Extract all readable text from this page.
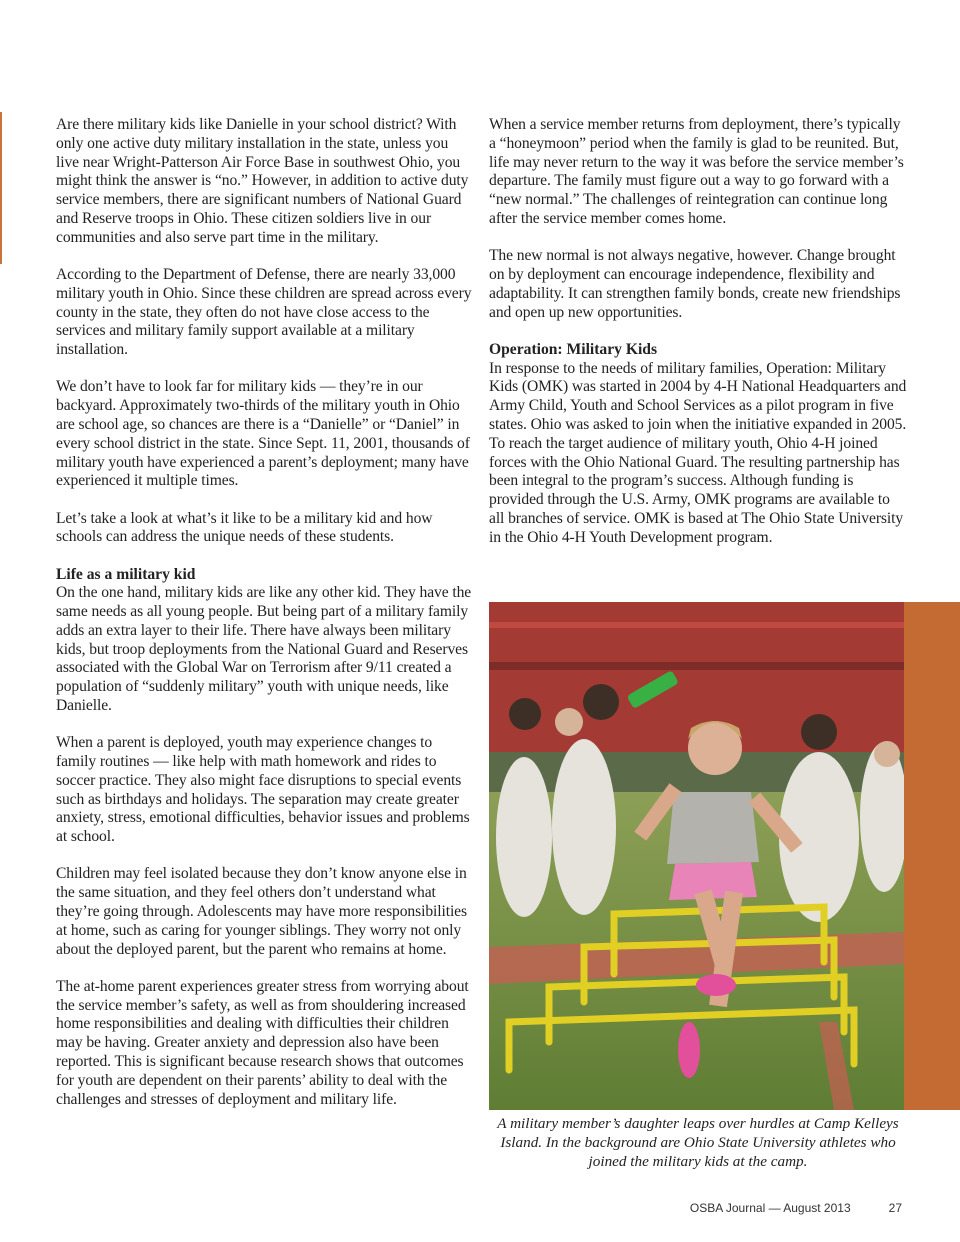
Are there military kids like Danielle in your school district? With only one active duty military installation in the state, unless you live near Wright-Patterson Air Force Base in southwest Ohio, you might think the answer is “no.” However, in addition to active duty service members, there are significant numbers of National Guard and Reserve troops in Ohio. These citizen soldiers live in our communities and also serve part time in the military.

According to the Department of Defense, there are nearly 33,000 military youth in Ohio. Since these children are spread across every county in the state, they often do not have close access to the services and military family support available at a military installation.

We don’t have to look far for military kids — they’re in our backyard. Approximately two-thirds of the military youth in Ohio are school age, so chances are there is a “Danielle” or “Daniel” in every school district in the state. Since Sept. 11, 2001, thousands of military youth have experienced a parent’s deployment; many have experienced it multiple times.

Let’s take a look at what’s it like to be a military kid and how schools can address the unique needs of these students.

Life as a military kid

On the one hand, military kids are like any other kid. They have the same needs as all young people. But being part of a military family adds an extra layer to their life. There have always been military kids, but troop deployments from the National Guard and Reserves associated with the Global War on Terrorism after 9/11 created a population of “suddenly military” youth with unique needs, like Danielle.

When a parent is deployed, youth may experience changes to family routines — like help with math homework and rides to soccer practice. They also might face disruptions to special events such as birthdays and holidays. The separation may create greater anxiety, stress, emotional difficulties, behavior issues and problems at school.

Children may feel isolated because they don’t know anyone else in the same situation, and they feel others don’t understand what they’re going through. Adolescents may have more responsibilities at home, such as caring for younger siblings. They worry not only about the deployed parent, but the parent who remains at home.

The at-home parent experiences greater stress from worrying about the service member’s safety, as well as from shouldering increased home responsibilities and dealing with difficulties their children may be having. Greater anxiety and depression also have been reported. This is significant because research shows that outcomes for youth are dependent on their parents’ ability to deal with the challenges and stresses of deployment and military life.

When a service member returns from deployment, there’s typically a “honeymoon” period when the family is glad to be reunited. But, life may never return to the way it was before the service member’s departure. The family must figure out a way to go forward with a “new normal.” The challenges of reintegration can continue long after the service member comes home.

The new normal is not always negative, however. Change brought on by deployment can encourage independence, flexibility and adaptability. It can strengthen family bonds, create new friendships and open up new opportunities.

Operation: Military Kids

In response to the needs of military families, Operation: Military Kids (OMK) was started in 2004 by 4-H National Headquarters and Army Child, Youth and School Services as a pilot program in five states. Ohio was asked to join when the initiative expanded in 2005. To reach the target audience of military youth, Ohio 4-H joined forces with the Ohio National Guard. The resulting partnership has been integral to the program’s success. Although funding is provided through the U.S. Army, OMK programs are available to all branches of service. OMK is based at The Ohio State University in the Ohio 4-H Youth Development program.

A military member’s daughter leaps over hurdles at Camp Kelleys Island. In the background are Ohio State University athletes who joined the military kids at the camp.

OSBA Journal — August 2013	27
